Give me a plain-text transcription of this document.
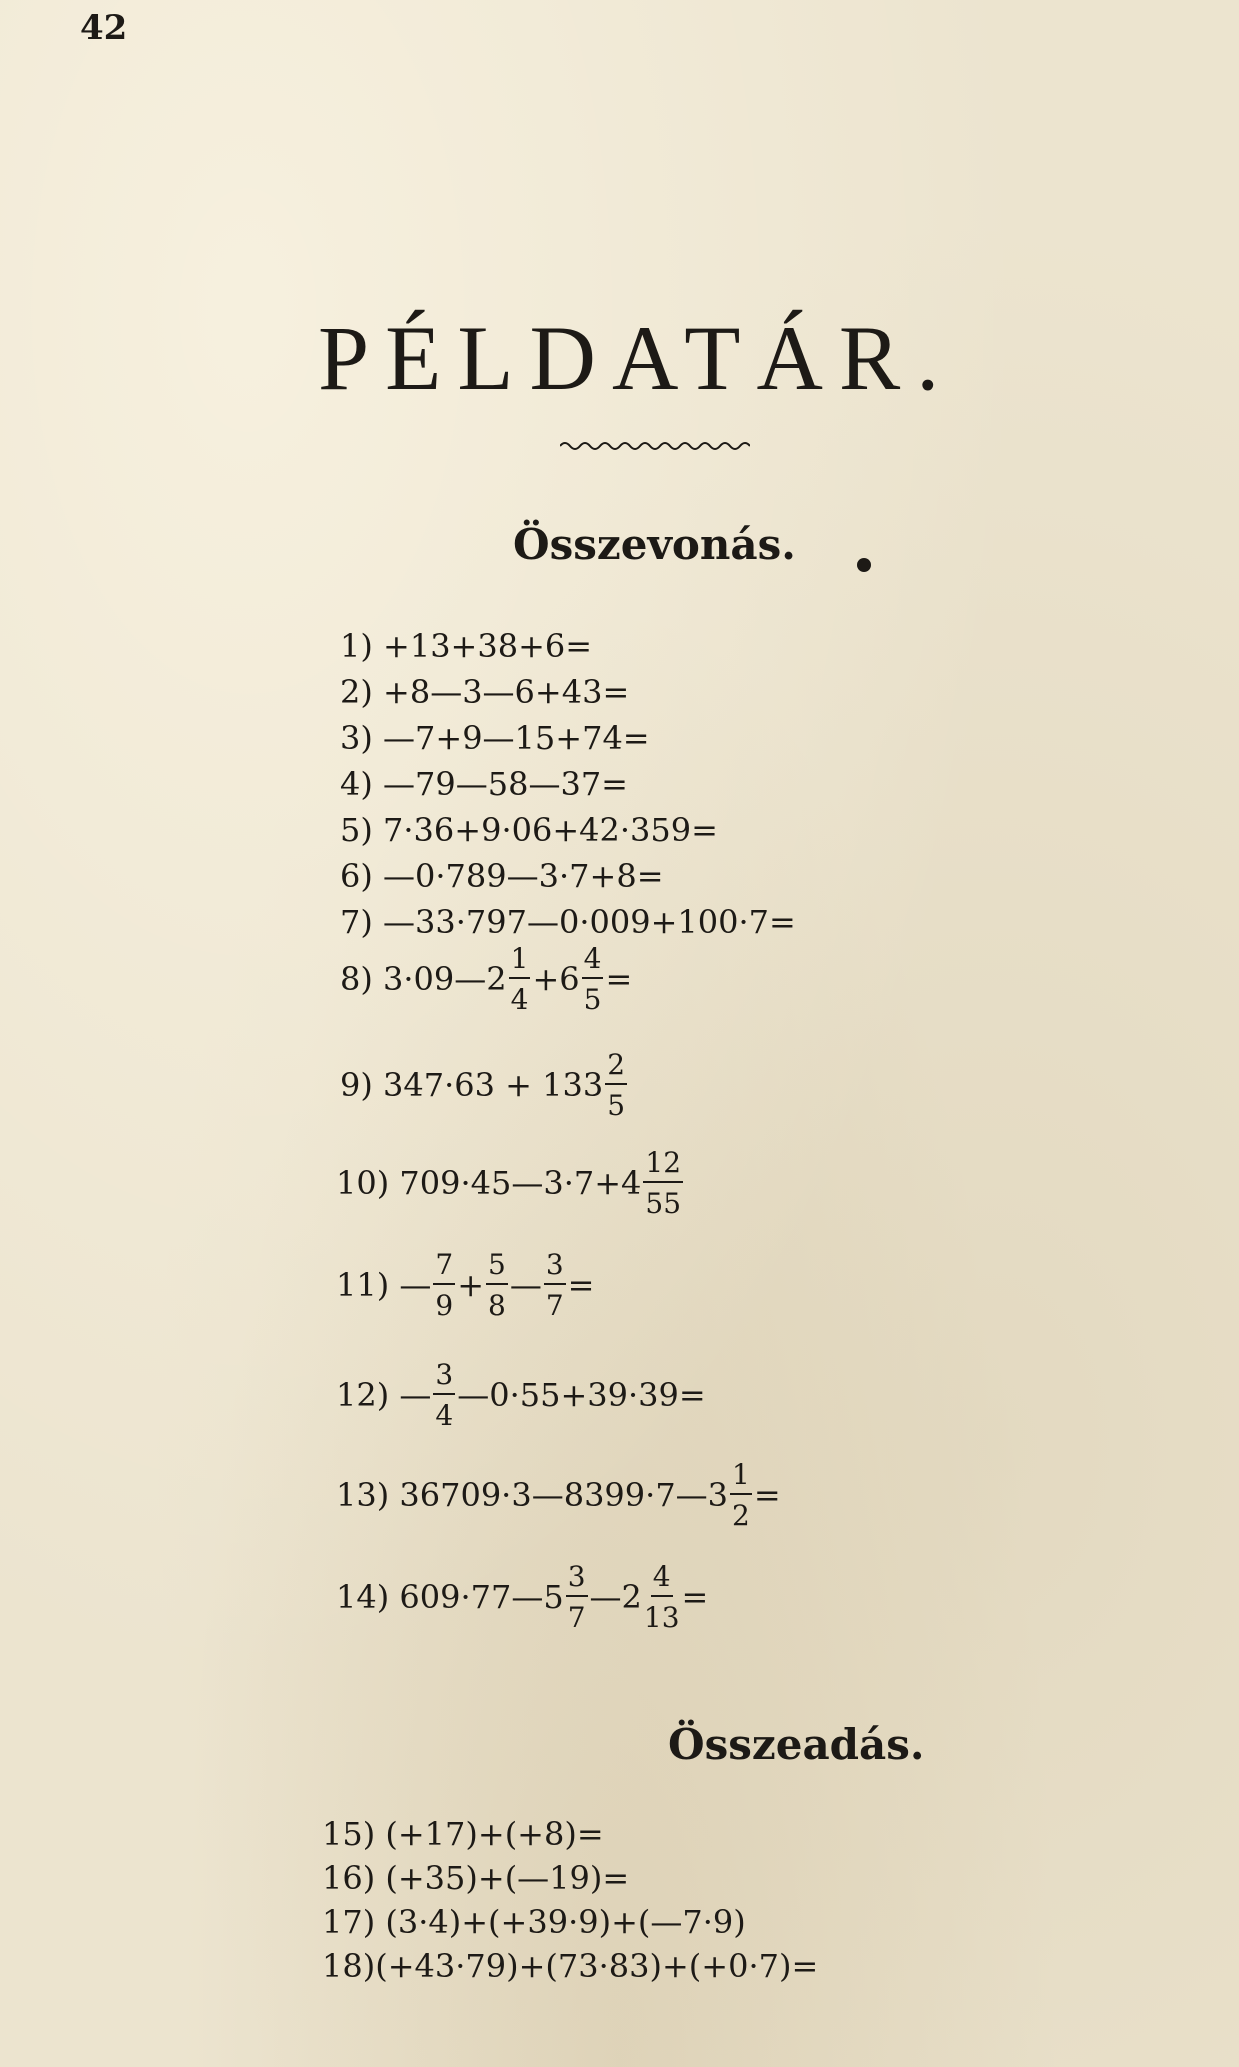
42
PÉLDATÁR.
Összevonás.
1) +13+38+6=
2) +8—3—6+43=
3) —7+9—15+74=
4) —79—58—37=
5) 7·36+9·06+42·359=
6) —0·789—3·7+8=
7) —33·797—0·009+100·7=
8) 3·09—2 $\frac{1}{4} +6 \frac{4}{5}$ =
9) $347\cdot 63 + 133 \frac{2}{5}$
10) 709·45—3·7+4 $\frac{12}{55}$
11) — $\frac{7}{9} + \frac{5}{8}$ — $\frac{3}{7}$ =
12) — $\frac{3}{4}$ —0·55+39·39=
13) 36709·3—8399·7—3 $\frac{1}{2}$ =
14) 609·77—5 $\frac{3}{7}$ —2 $\frac{4}{13}$ =
Összeadás.
15) (+17)+(+8)=
16) (+35)+(—19)=
17) (3·4)+(+39·9)+(—7·9)
18)(+43·79)+(73·83)+(+0·7)=
